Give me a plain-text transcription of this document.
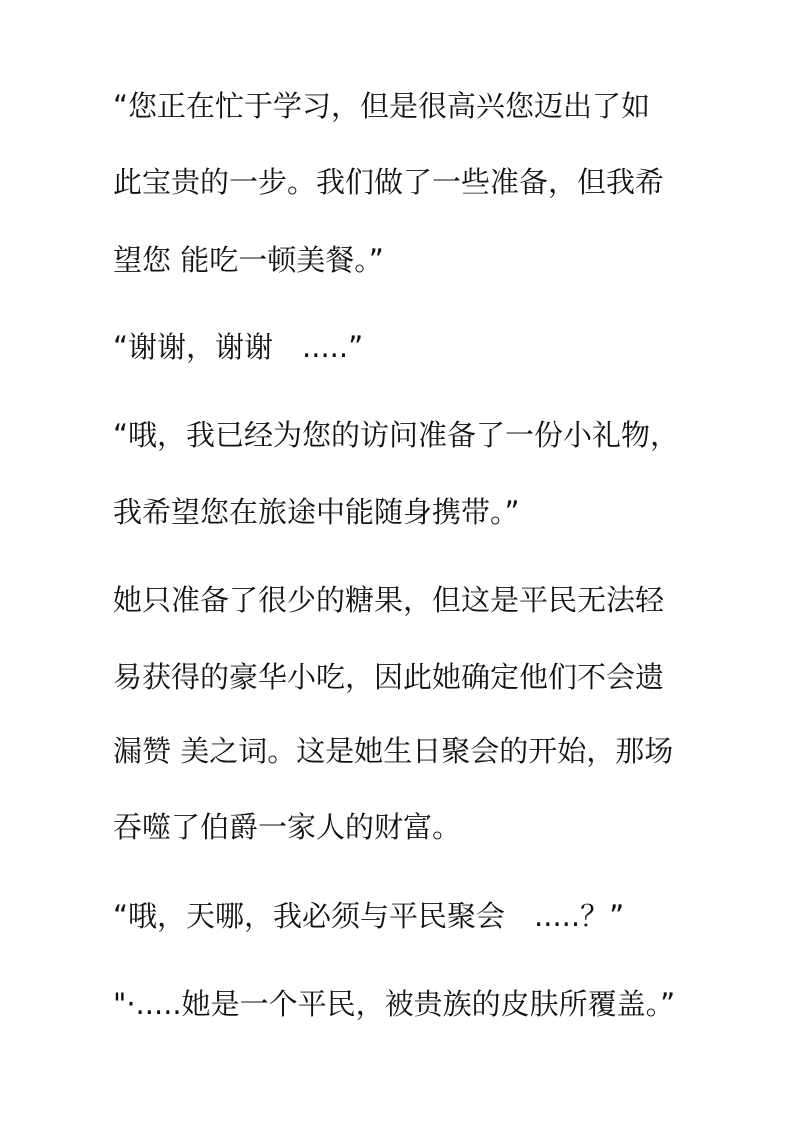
“您正在忙于学习，但是很高兴您迈出了如
此宝贵的一步。我们做了一些准备，但我希
望您 能吃一顿美餐。”
“谢谢，谢谢　.....”
“哦，我已经为您的访问准备了一份小礼物，
我希望您在旅途中能随身携带。”
她只准备了很少的糖果，但这是平民无法轻
易获得的豪华小吃，因此她确定他们不会遗
漏赞 美之词。这是她生日聚会的开始，那场
吞噬了伯爵一家人的财富。
“哦，天哪，我必须与平民聚会　.....？”
"·.....她是一个平民，被贵族的皮肤所覆盖。”
